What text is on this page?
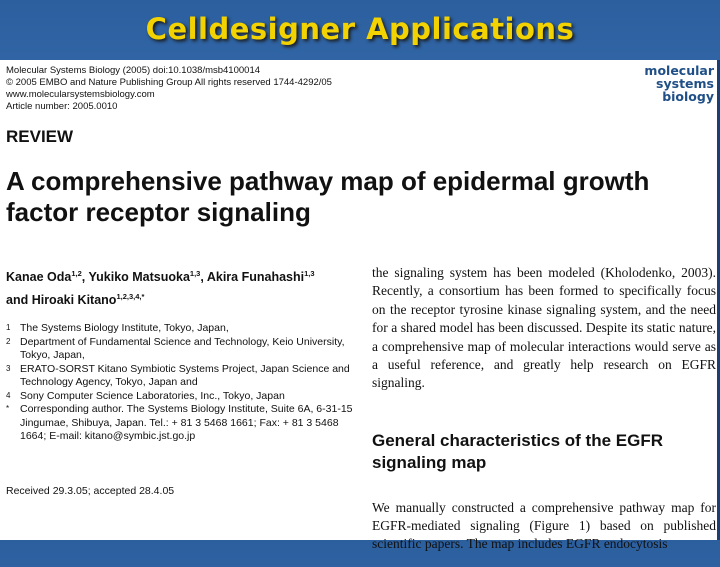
Celldesigner Applications
Molecular Systems Biology (2005) doi:10.1038/msb4100014
© 2005 EMBO and Nature Publishing Group All rights reserved 1744-4292/05
www.molecularsystemsbiology.com
Article number: 2005.0010
molecular
systems
biology
REVIEW
A comprehensive pathway map of epidermal growth factor receptor signaling
Kanae Oda$^{1,2}$, Yukiko Matsuoka$^{1,3}$, Akira Funahashi$^{1,3}$
and Hiroaki Kitano$^{1,2,3,4,*}$
1 The Systems Biology Institute, Tokyo, Japan,
2 Department of Fundamental Science and Technology, Keio University, Tokyo, Japan,
3 ERATO-SORST Kitano Symbiotic Systems Project, Japan Science and Technology Agency, Tokyo, Japan and
4 Sony Computer Science Laboratories, Inc., Tokyo, Japan
*	Corresponding author. The Systems Biology Institute, Suite 6A, 6-31-15 Jingumae, Shibuya, Japan. Tel.: + 81 3 5468 1661; Fax: + 81 3 5468 1664; E-mail: kitano@symbic.jst.go.jp
Received 29.3.05; accepted 28.4.05

the signaling system has been modeled (Kholodenko, 2003). Recently, a consortium has been formed to specifically focus on the receptor tyrosine kinase signaling system, and the need for a shared model has been discussed. Despite its static nature, a comprehensive map of molecular interactions would serve as a useful reference, and greatly help research on EGFR signaling.

General characteristics of the EGFR signaling map

We manually constructed a comprehensive pathway map for EGFR-mediated signaling (Figure 1) based on published scientific papers. The map includes EGFR endocytosis
